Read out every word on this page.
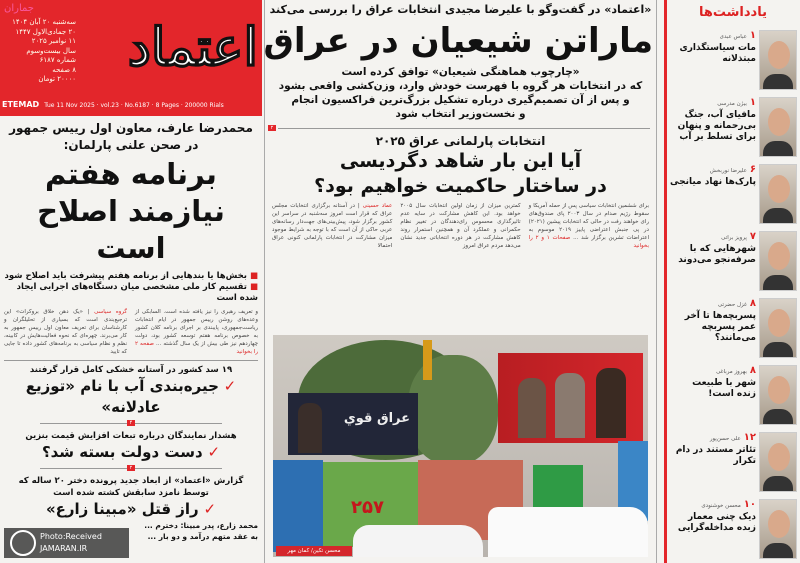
اعتماد
جماران
سه‌شنبه ۲۰ آبان ۱۴۰۴
۲۰ جمادی‌الاول ۱۴۴۷
۱۱ نوامبر ۲۰۲۵
سال بیست‌وسوم
شماره ۶۱۸۷
۸ صفحه
۲۰۰۰۰ تومان
ETEMAD Tue 11 Nov 2025 · vol.23 · No.6187 · 8 Pages · 200000 Rials
محمدرضا عارف، معاون اول رییس جمهور
در صحن علنی پارلمان:
برنامه هفتم
نیازمند اصلاح است
■ بخش‌ها یا بندهایی از برنامه هفتم پیشرفت باید اصلاح شود
■ تقسیم کار ملی مشخصی میان دستگاه‌های اجرایی ایجاد شده است
گروه سیاسی | «یک دهن خلاق بروکرات» این ترجیع‌بندی است که بسیاری از تحلیلگران و کارشناسان برای تعریف معاون اول رییس جمهور به کار می‌برند. چهره‌ای که نحوه فعالیت‌هایش در کابینه، نظم و نظام سیاسی به برنامه‌های کشور داده تا جایی که تایید
و تعریف رهبری را نیز یافته شده است. السابکی از وعده‌های روشن رییس جمهور در ایام انتخابات ریاست‌جمهوری، پایبندی بر اجرای برنامه کلان کشور به خصوص برنامه هفتم توسعه کشور بود، دولت چهاردهم نیز طی بیش از یک سال گذشته ... صفحه ۲ را بخوانید
۱۹ سد کشور در آستانه خشکی کامل قرار گرفتند
✓ جیره‌بندی آب با نام «توزیع عادلانه»
۴
هشدار نمایندگان درباره تبعات افزایش قیمت بنزین
✓ دست دولت بسته شد؟
۲
گزارش «اعتماد» از ابعاد جدید پرونده دختر ۲۰ ساله که توسط نامزد سابقش کشته شده است
✓ راز قتل «مبینا زارع»
محمد زارع، پدر مبینا: دخترم ...
به عقد متهم درآمد و دو بار ...
Photo:Received
JAMARAN.IR
«اعتماد» در گفت‌وگو با علیرضا مجیدی انتخابات عراق را بررسی می‌کند
ماراتن شیعیان در عراق
«چارچوب هماهنگی شیعیان» توافق کرده است
که در انتخابات هر گروه با فهرست خودش وارد، وزن‌کشی واقعی بشود
و پس از آن تصمیم‌گیری درباره تشکیل بزرگ‌ترین فراکسیون انجام
و نخست‌وزیر انتخاب شود
۲
انتخابات پارلمانی عراق ۲۰۲۵
آیا این بار شاهد دگردیسی
در ساختار حاکمیت خواهیم بود؟
عماد حسینی | در آستانه برگزاری انتخابات مجلس عراق که قرار است امروز سه‌شنبه در سراسر این کشور برگزار شود، پیش‌بینی‌های جهت‌دار رسانه‌های عربی حاکی از آن است که با توجه به شرایط موجود میزان مشارکت در انتخابات پارلمانی کنونی عراق احتمالا
کمترین میزان از زمان اولین انتخابات سال ۲۰۰۵ خواهد بود. این کاهش مشارکت در سایه عدم تاثیرگذاری محسوس رای‌دهندگان در تغییر نظام حکمرانی و عملکرد آن و همچنین استمرار روند کاهش مشارکت در هر دوره انتخاباتی جدید نشان می‌دهد مردم عراق امروز
برای ششمین انتخابات سیاسی پس از حمله آمریکا و سقوط رژیم صدام در سال ۲۰۰۳ پای صندوق‌های رای خواهند رفت در حالی که انتخابات پیشین (۲۰۲۱) در پی جنبش اعتراضی پاییز ۲۰۱۹ موسوم به اعتراضات تشرین برگزار شد ... صفحات ۱ و ۲ را بخوانید
عراق قوي
۲۵۷
محسن تکین/ کمان مهر
یادداشت‌ها
۱عباس عبدی
مات سیاستگذاری مبتذلانه
۱بیژن مدرسی
مافیای آب، جنگ بی‌رحمانه و پنهان برای تسلط بر آب
۶علیرضا نوربخش
پارک‌ها نهاد میانجی
۷پرویز براتی
شهرهایی که با صرفه‌نجو می‌دوند
۸غزل حضرتی
پسربچه‌ها تا آخر عمر پسربچه می‌مانند؟
۸بهروز مرباغی
شهر با طبیعت زنده است!
۱۲علی حسن‌پور
تئاتر مستند در دام تکرار
۱۰محسن خوشنودی
دیک چنی معمار زبده مداخله‌گرایی
